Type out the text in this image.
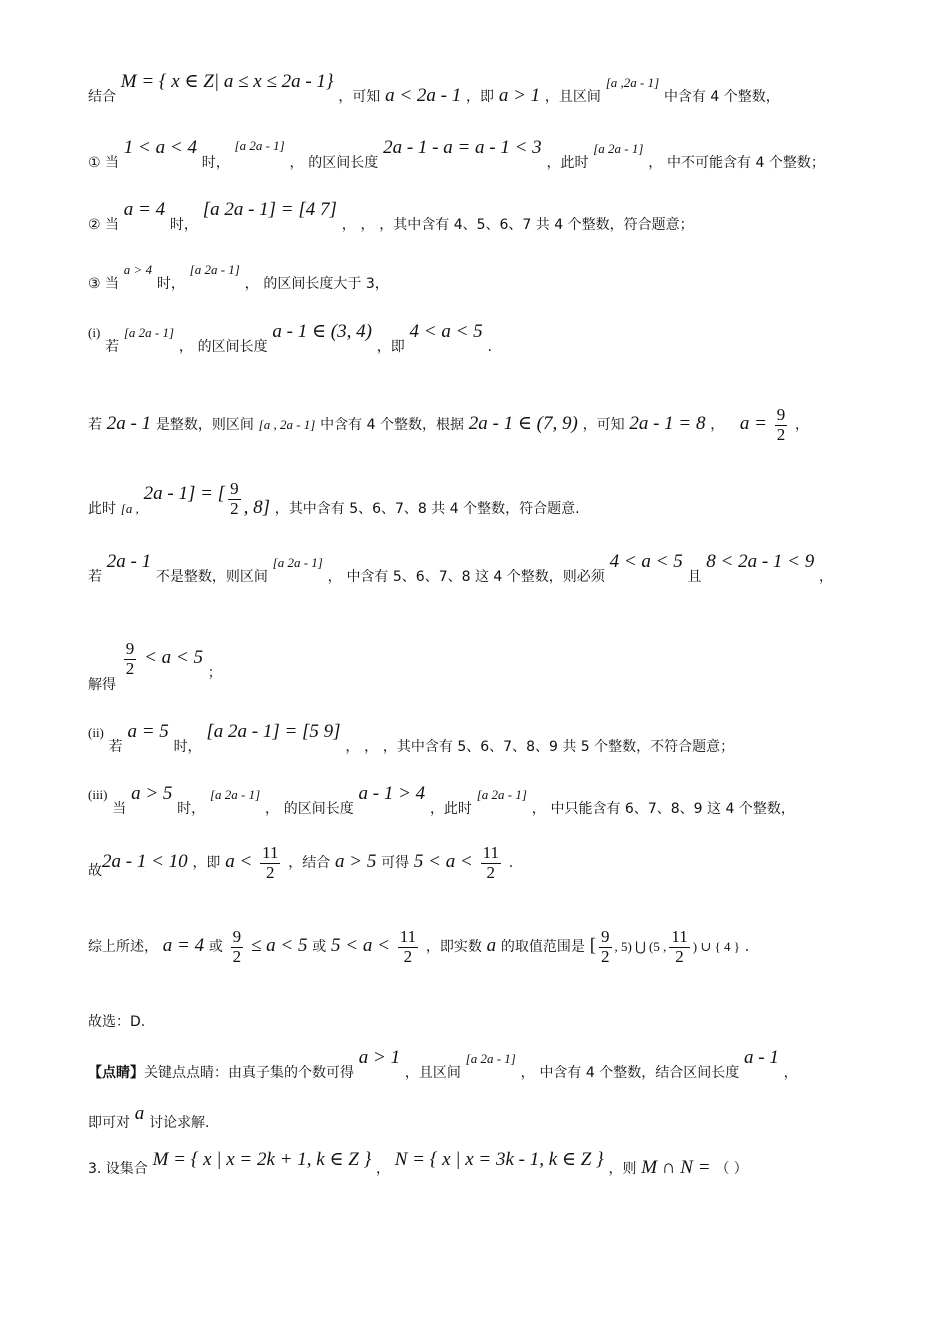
结合 M = { x ∈ Z| a ≤ x ≤ 2a - 1} ，可知 a < 2a - 1 ，即 a > 1 ，且区间 [a ,2a - 1] 中含有 4 个整数，
① 当 1 < a < 4 时， [a 2a - 1] ， 的区间长度 2a - 1 - a = a - 1 < 3 ，此时 [a 2a - 1] ， 中不可能含有 4 个整数；
② 当 a = 4 时， [a 2a - 1] = [4 7] ， ， ，其中含有 4、5、6、7 共 4 个整数，符合题意；
③ 当 a > 4 时， [a 2a - 1] ， 的区间长度大于 3，
(i) 若 [a 2a - 1] ， 的区间长度 a - 1 ∈ (3, 4) ，即 4 < a < 5 .
若 2a - 1 是整数，则区间 [a , 2a - 1] 中含有 4 个整数，根据 2a - 1 ∈ (7, 9) ，可知 2a - 1 = 8 ， $a = \frac{9}{2}$ ，
此时 [a , 2a - 1] = [ $\frac{9}{2}$ , 8] ，其中含有 5、6、7、8 共 4 个整数，符合题意.
若 2a - 1 不是整数，则区间 [a 2a - 1] ， 中含有 5、6、7、8 这 4 个整数，则必须 4 < a < 5 且 8 < 2a - 1 < 9 ，
解得
$\frac{9}{2} < a < 5$ ；
(ii) 若 a = 5 时， [a 2a - 1] = [5 9] ， ， ，其中含有 5、6、7、8、9 共 5 个整数，不符合题意；
(iii) 当 a > 5 时， [a 2a - 1] ， 的区间长度 a - 1 > 4 ，此时 [a 2a - 1] ， 中只能含有 6、7、8、9 这 4 个整数，
故2a - 1 < 10 ，即 $a < \frac{11}{2}$ ，结合 a > 5 可得 $5 < a < \frac{11}{2}$ .
综上所述， a = 4 或 $\frac{9}{2} \le a < 5$ 或 $5 < a < \frac{11}{2}$ ，即实数 a 的取值范围是 [ $\frac{9}{2}$ , 5) ⋃ (5 , $\frac{11}{2}$ ) ∪ { 4 } .
故选：D.
【点睛】关键点点睛：由真子集的个数可得 a > 1 ，且区间 [a 2a - 1] ， 中含有 4 个整数，结合区间长度 a - 1 ，
即可对 a 讨论求解.
3. 设集合 M = { x | x = 2k + 1, k ∈ Z } ， N = { x | x = 3k - 1, k ∈ Z } ，则 M ∩ N = （ ）
